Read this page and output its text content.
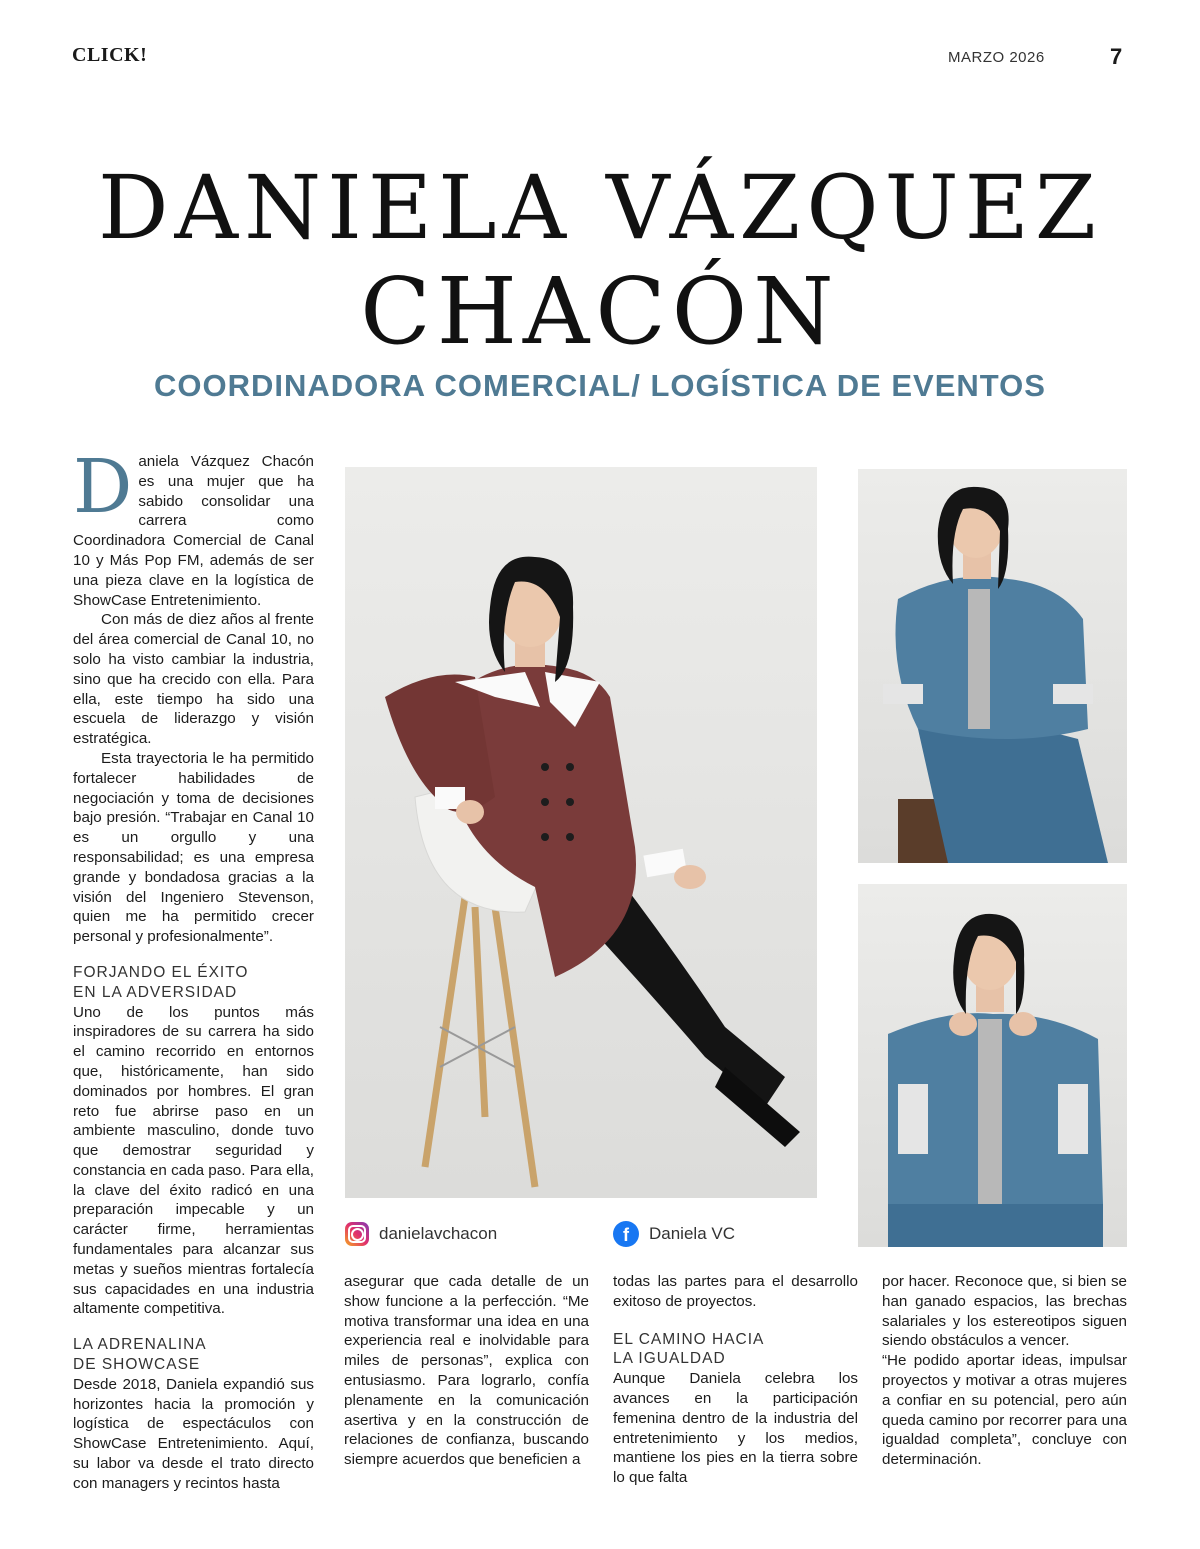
CLICK!	MARZO 2026	7
DANIELA VÁZQUEZ
CHACÓN
COORDINADORA COMERCIAL/ LOGÍSTICA DE EVENTOS
D aniela Vázquez Chacón es una mujer que ha sabido consolidar una carrera como Coordinadora Comercial de Canal 10 y Más Pop FM, además de ser una pieza clave en la logística de ShowCase Entretenimiento.

Con más de diez años al frente del área comercial de Canal 10, no solo ha visto cambiar la industria, sino que ha crecido con ella. Para ella, este tiempo ha sido una escuela de liderazgo y visión estratégica.

Esta trayectoria le ha permitido fortalecer habilidades de negociación y toma de decisiones bajo presión. “Trabajar en Canal 10 es un orgullo y una responsabilidad; es una empresa grande y bondadosa gracias a la visión del Ingeniero Stevenson, quien me ha permitido crecer personal y profesionalmente”.

FORJANDO EL ÉXITO

EN LA ADVERSIDAD

Uno de los puntos más inspiradores de su carrera ha sido el camino recorrido en entornos que, históricamente, han sido dominados por hombres. El gran reto fue abrirse paso en un ambiente masculino, donde tuvo que demostrar seguridad y constancia en cada paso. Para ella, la clave del éxito radicó en una preparación impecable y un carácter firme, herramientas fundamentales para alcanzar sus metas y sueños mientras fortalecía sus capacidades en una industria altamente competitiva.

LA ADRENALINA

DE SHOWCASE

Desde 2018, Daniela expandió sus horizontes hacia la promoción y logística de espectáculos con ShowCase Entretenimiento. Aquí, su labor va desde el trato directo con managers y recintos hasta

danielavchacon	f	Daniela VC

asegurar que cada detalle de un show funcione a la perfección. “Me motiva transformar una idea en una experiencia real e inolvidable para miles de personas”, explica con entusiasmo. Para lograrlo, confía plenamente en la comunicación asertiva y en la construcción de relaciones de confianza, buscando siempre acuerdos que beneficien a

todas las partes para el desarrollo exitoso de proyectos.

EL CAMINO HACIA

LA IGUALDAD

Aunque Daniela celebra los avances en la participación femenina dentro de la industria del entretenimiento y los medios, mantiene los pies en la tierra sobre lo que falta

por hacer. Reconoce que, si bien se han ganado espacios, las brechas salariales y los estereotipos siguen siendo obstáculos a vencer.

“He podido aportar ideas, impulsar proyectos y motivar a otras mujeres a confiar en su potencial, pero aún queda camino por recorrer para una igualdad completa”, concluye con determinación.
